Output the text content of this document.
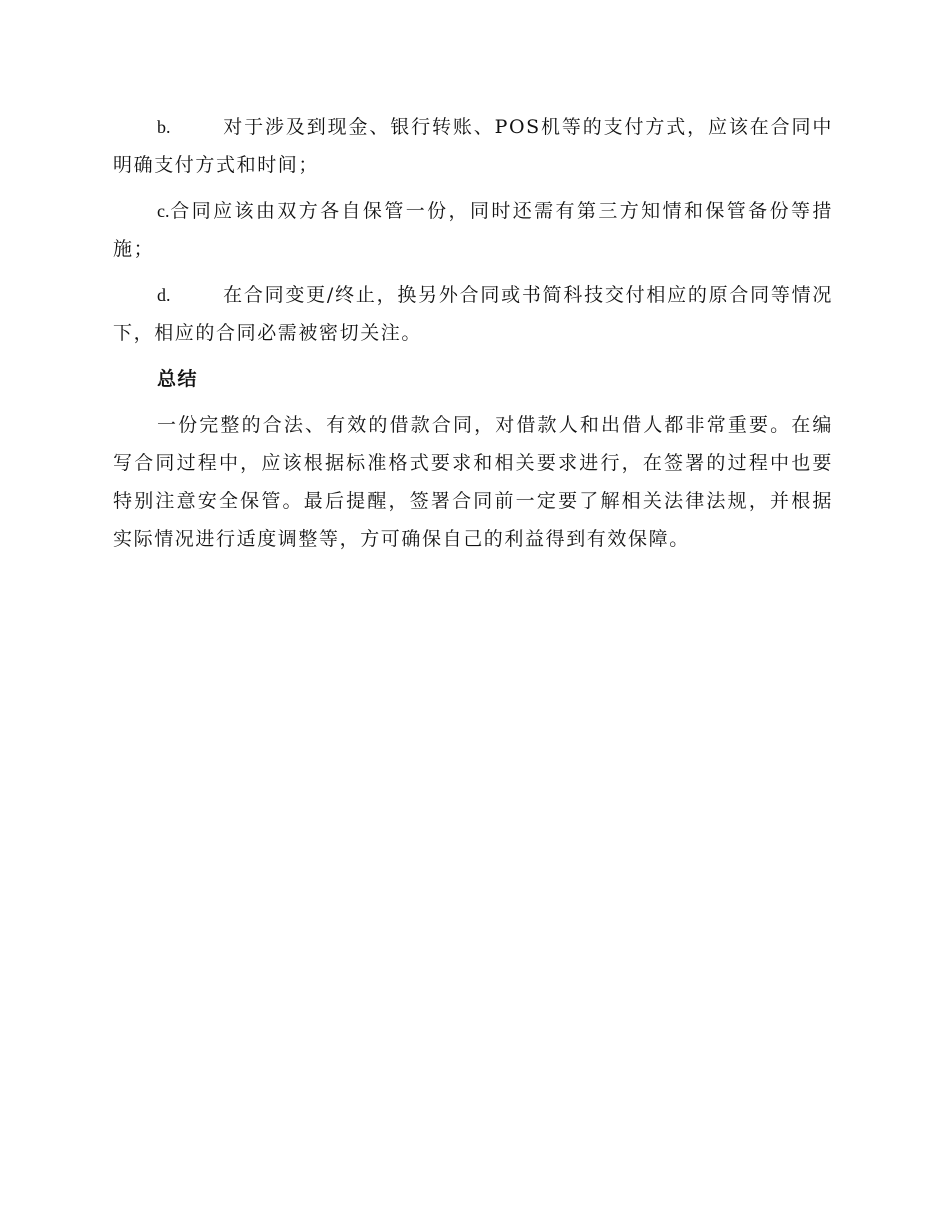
b.	对于涉及到现金、银行转账、POS机等的支付方式，应该在合同中明确支付方式和时间；

c.合同应该由双方各自保管一份，同时还需有第三方知情和保管备份等措施；

d.	在合同变更/终止，换另外合同或书简科技交付相应的原合同等情况下，相应的合同必需被密切关注。

总结

一份完整的合法、有效的借款合同，对借款人和出借人都非常重要。在编写合同过程中，应该根据标准格式要求和相关要求进行，在签署的过程中也要特别注意安全保管。最后提醒，签署合同前一定要了解相关法律法规，并根据实际情况进行适度调整等，方可确保自己的利益得到有效保障。
